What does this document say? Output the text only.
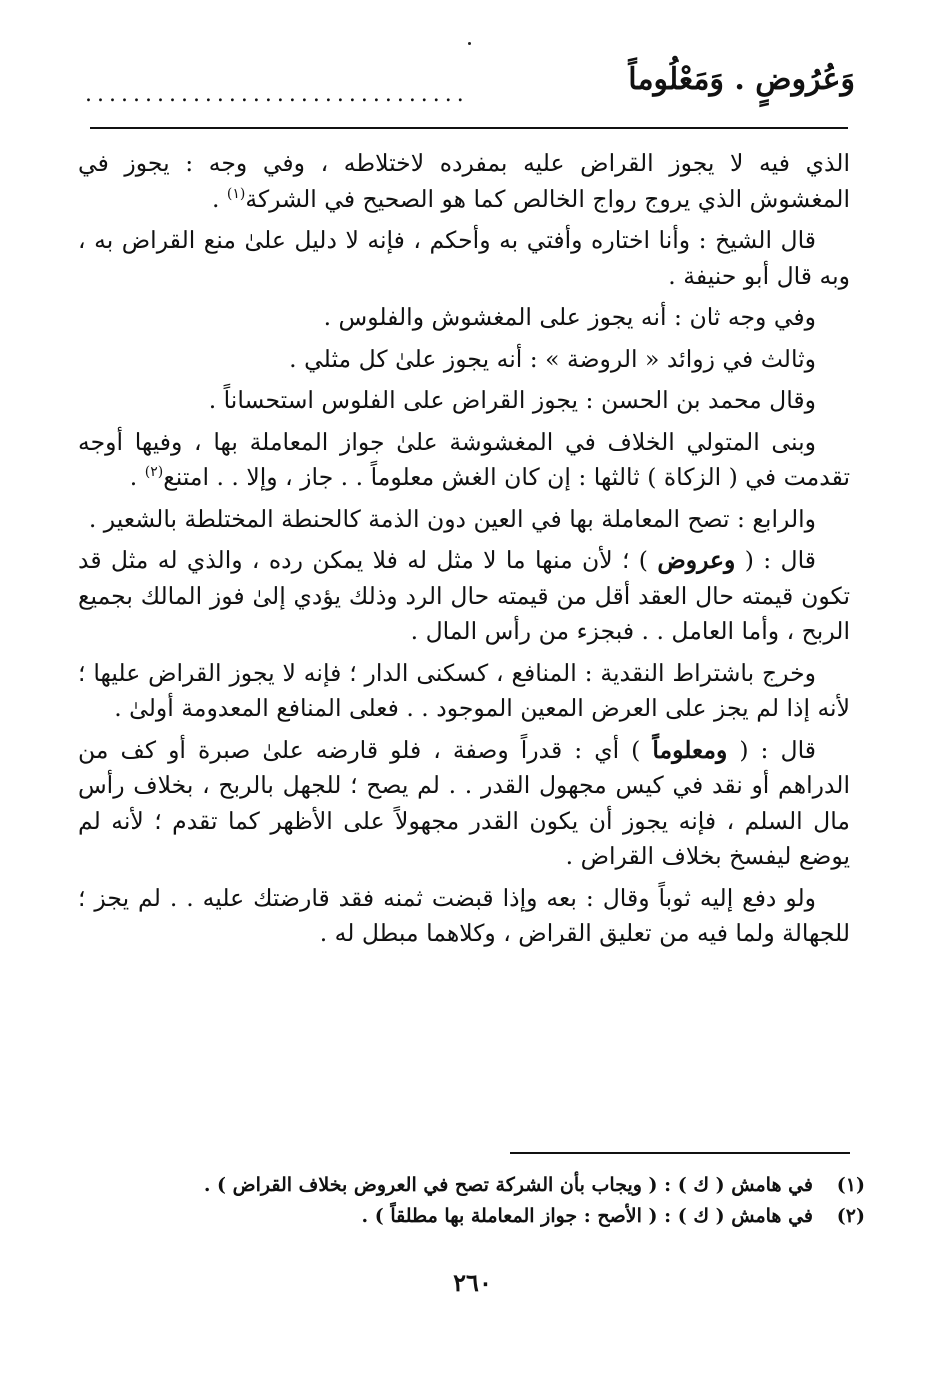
وَعُرُوضٍ . وَمَعْلُوماً
................................

الذي فيه لا يجوز القراض عليه بمفرده لاختلاطه ، وفي وجه : يجوز في المغشوش الذي يروج رواج الخالص كما هو الصحيح في الشركة$^{(١)}$ .

قال الشيخ : وأنا اختاره وأفتي به وأحكم ، فإنه لا دليل علىٰ منع القراض به ، وبه قال أبو حنيفة .

وفي وجه ثان : أنه يجوز على المغشوش والفلوس .

وثالث في زوائد « الروضة » : أنه يجوز علىٰ كل مثلي .

وقال محمد بن الحسن : يجوز القراض على الفلوس استحساناً .

وبنى المتولي الخلاف في المغشوشة علىٰ جواز المعاملة بها ، وفيها أوجه تقدمت في ( الزكاة ) ثالثها : إن كان الغش معلوماً . . جاز ، وإلا . . امتنع$^{(٢)}$ .

والرابع : تصح المعاملة بها في العين دون الذمة كالحنطة المختلطة بالشعير .

قال : ( وعروض ) ؛ لأن منها ما لا مثل له فلا يمكن رده ، والذي له مثل قد تكون قيمته حال العقد أقل من قيمته حال الرد وذلك يؤدي إلىٰ فوز المالك بجميع الربح ، وأما العامل . . فبجزء من رأس المال .

وخرج باشتراط النقدية : المنافع ، كسكنى الدار ؛ فإنه لا يجوز القراض عليها ؛ لأنه إذا لم يجز على العرض المعين الموجود . . فعلى المنافع المعدومة أولىٰ .

قال : ( ومعلوماً ) أي : قدراً وصفة ، فلو قارضه علىٰ صبرة أو كف من الدراهم أو نقد في كيس مجهول القدر . . لم يصح ؛ للجهل بالربح ، بخلاف رأس مال السلم ، فإنه يجوز أن يكون القدر مجهولاً على الأظهر كما تقدم ؛ لأنه لم يوضع ليفسخ بخلاف القراض .

ولو دفع إليه ثوباً وقال : بعه وإذا قبضت ثمنه فقد قارضتك عليه . . لم يجز ؛ للجهالة ولما فيه من تعليق القراض ، وكلاهما مبطل له .

(١)في هامش ( ك ) : ( ويجاب بأن الشركة تصح في العروض بخلاف القراض ) .
(٢)في هامش ( ك ) : ( الأصح : جواز المعاملة بها مطلقاً ) .
٢٦٠
